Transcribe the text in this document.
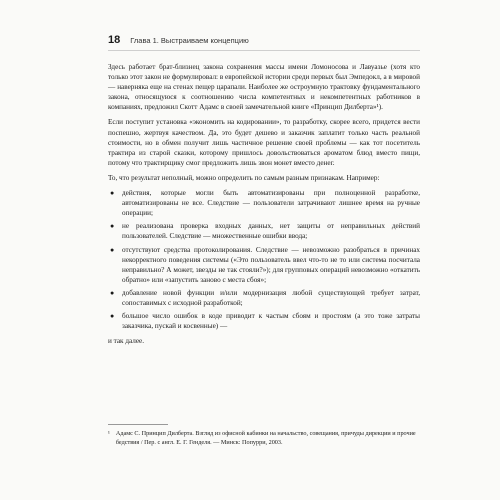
18 Глава 1. Выстраиваем концепцию

Здесь работает брат-близнец закона сохранения массы имени Ломоносова и Лавуазье (хотя кто только этот закон не формулировал: в европейской истории среди первых был Эмпедокл, а в мировой — наверняка еще на стенах пещер царапали. Наиболее же остроумную трактовку фундаментального закона, относящуюся к соотношению числа компетентных и некомпетентных работников в компаниях, предложил Скотт Адамс в своей замечательной книге «Принцип Дилберта»¹).

Если поступит установка «экономить на кодировании», то разработку, скорее всего, придется вести поспешно, жертвуя качеством. Да, это будет дешево и заказчик заплатит только часть реальной стоимости, но в обмен получит лишь частичное решение своей проблемы — как тот посетитель трактира из старой сказки, которому пришлось довольствоваться ароматом блюд вместо пищи, потому что трактирщику смог предложить лишь звон монет вместо денег.

То, что результат неполный, можно определить по самым разным признакам. Например:

● действия, которые могли быть автоматизированы при полноценной разработке, автоматизированы не все. Следствие — пользователи затрачивают лишнее время на ручные операции;
● не реализована проверка входных данных, нет защиты от неправильных действий пользователей. Следствие — множественные ошибки ввода;
● отсутствуют средства протоколирования. Следствие — невозможно разобраться в причинах некорректного поведения системы («Это пользователь ввел что-то не то или система посчитала неправильно? А может, звезды не так стояли?»); для групповых операций невозможно «откатить обратно» или «запустить заново с места сбоя»;
● добавление новой функции и/или модернизация любой существующей требует затрат, сопоставимых с исходной разработкой;
● большое число ошибок в коде приводит к частым сбоям и простоям (а это тоже затраты заказчика, пускай и косвенные) —

и так далее.

¹ Адамс С. Принцип Дилберта. Взгляд из офисной кабинки на начальство, совещания, причуды дирекции и прочие бедствия / Пер. с англ. Е. Г. Генделя. — Минск: Попурри, 2003.
